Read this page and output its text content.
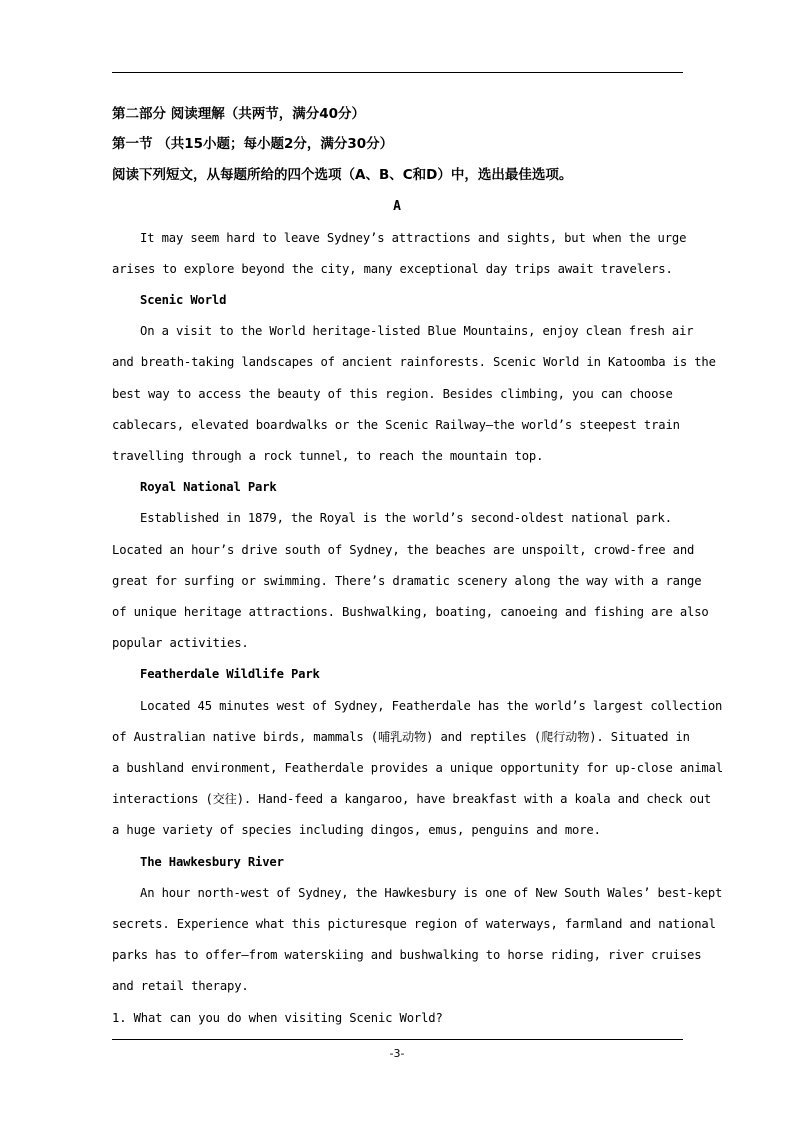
第二部分 阅读理解（共两节，满分40分）
第一节 （共15小题；每小题2分，满分30分）
阅读下列短文，从每题所给的四个选项（A、B、C和D）中，选出最佳选项。
A
It may seem hard to leave Sydney’s attractions and sights, but when the urge
arises to explore beyond the city, many exceptional day trips await travelers.
Scenic World
On a visit to the World heritage-listed Blue Mountains, enjoy clean fresh air
and breath-taking landscapes of ancient rainforests. Scenic World in Katoomba is the
best way to access the beauty of this region. Besides climbing, you can choose
cablecars, elevated boardwalks or the Scenic Railway—the world’s steepest train
travelling through a rock tunnel, to reach the mountain top.
Royal National Park
Established in 1879, the Royal is the world’s second-oldest national park.
Located an hour’s drive south of Sydney, the beaches are unspoilt, crowd-free and
great for surfing or swimming. There’s dramatic scenery along the way with a range
of unique heritage attractions. Bushwalking, boating, canoeing and fishing are also
popular activities.
Featherdale Wildlife Park
Located 45 minutes west of Sydney, Featherdale has the world’s largest collection
of Australian native birds, mammals (哺乳动物) and reptiles (爬行动物). Situated in
a bushland environment, Featherdale provides a unique opportunity for up-close animal
interactions (交往). Hand-feed a kangaroo, have breakfast with a koala and check out
a huge variety of species including dingos, emus, penguins and more.
The Hawkesbury River
An hour north-west of Sydney, the Hawkesbury is one of New South Wales’ best-kept
secrets. Experience what this picturesque region of waterways, farmland and national
parks has to offer—from waterskiing and bushwalking to horse riding, river cruises
and retail therapy.
1. What can you do when visiting Scenic World?
-3-
